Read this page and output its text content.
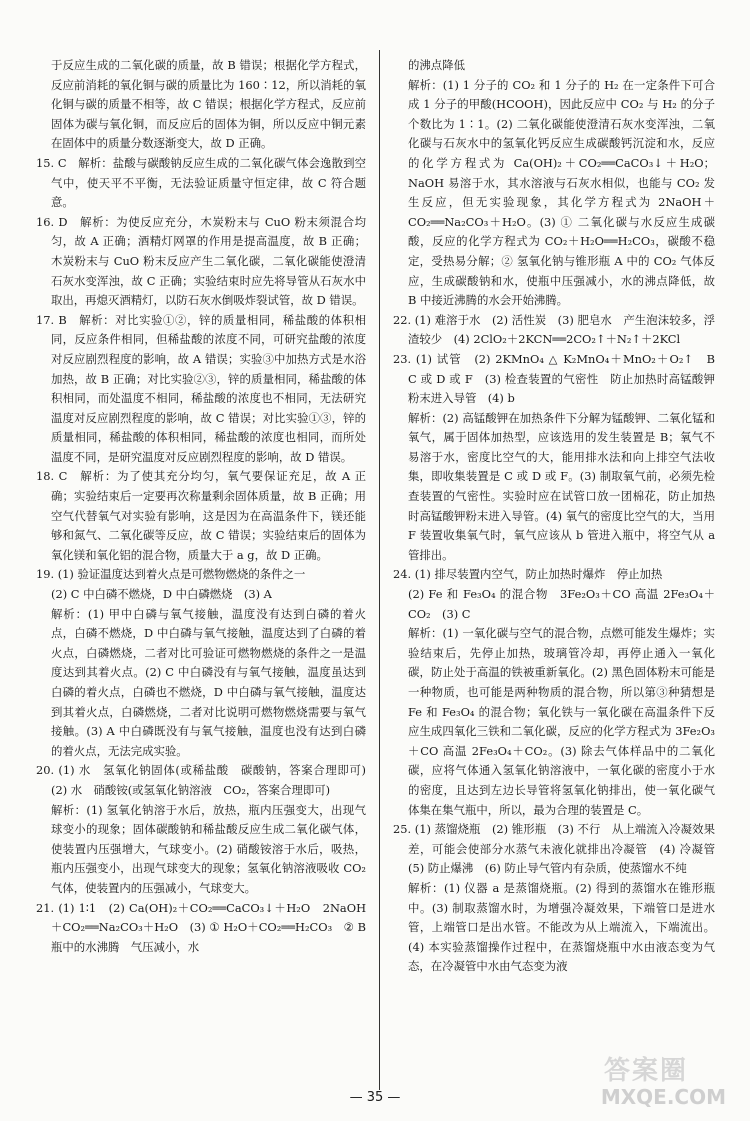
于反应生成的二氧化碳的质量，故 B 错误；根据化学方程式，反应前消耗的氧化铜与碳的质量比为 160∶12，所以消耗的氧化铜与碳的质量不相等，故 C 错误；根据化学方程式，反应前固体为碳与氧化铜，而反应后的固体为铜，所以反应中铜元素在固体中的质量分数逐渐变大，故 D 正确。

15. C　解析：盐酸与碳酸钠反应生成的二氧化碳气体会逸散到空气中，使天平不平衡，无法验证质量守恒定律，故 C 符合题意。

16. D　解析：为使反应充分，木炭粉末与 CuO 粉末须混合均匀，故 A 正确；酒精灯网罩的作用是提高温度，故 B 正确；木炭粉末与 CuO 粉末反应产生二氧化碳，二氧化碳能使澄清石灰水变浑浊，故 C 正确；实验结束时应先将导管从石灰水中取出，再熄灭酒精灯，以防石灰水倒吸炸裂试管，故 D 错误。

17. B　解析：对比实验①②，锌的质量相同，稀盐酸的体积相同，反应条件相同，但稀盐酸的浓度不同，可研究盐酸的浓度对反应剧烈程度的影响，故 A 错误；实验③中加热方式是水浴加热，故 B 正确；对比实验②③，锌的质量相同，稀盐酸的体积相同，而处温度不相同，稀盐酸的浓度也不相同，无法研究温度对反应剧烈程度的影响，故 C 错误；对比实验①③，锌的质量相同，稀盐酸的体积相同，稀盐酸的浓度也相同，而所处温度不同，是研究温度对反应剧烈程度的影响，故 D 错误。

18. C　解析：为了使其充分均匀，氧气要保证充足，故 A 正确；实验结束后一定要再次称量剩余固体质量，故 B 正确；用空气代替氧气对实验有影响，这是因为在高温条件下，镁还能够和氮气、二氧化碳等反应，故 C 错误；实验结束后的固体为氧化镁和氧化铝的混合物，质量大于 a g，故 D 正确。

19. (1) 验证温度达到着火点是可燃物燃烧的条件之一

(2) C 中白磷不燃烧，D 中白磷燃烧　(3) A

解析：(1) 甲中白磷与氧气接触，温度没有达到白磷的着火点，白磷不燃烧，D 中白磷与氧气接触，温度达到了白磷的着火点，白磷燃烧，二者对比可验证可燃物燃烧的条件之一是温度达到其着火点。(2) C 中白磷没有与氧气接触，温度虽达到白磷的着火点，白磷也不燃烧，D 中白磷与氧气接触，温度达到其着火点，白磷燃烧，二者对比说明可燃物燃烧需要与氧气接触。(3) A 中白磷既没有与氧气接触，温度也没有达到白磷的着火点，无法完成实验。

20. (1) 水　氢氧化钠固体(或稀盐酸　碳酸钠，答案合理即可)　(2) 水　硝酸铵(或氢氧化钠溶液　CO₂，答案合理即可)

解析：(1) 氢氧化钠溶于水后，放热，瓶内压强变大，出现气球变小的现象；固体碳酸钠和稀盐酸反应生成二氧化碳气体，使装置内压强增大，气球变小。(2) 硝酸铵溶于水后，吸热，瓶内压强变小，出现气球变大的现象；氢氧化钠溶液吸收 CO₂ 气体，使装置内的压强减小，气球变大。

21. (1) 1∶1　(2) Ca(OH)₂＋CO₂══CaCO₃↓＋H₂O　2NaOH＋CO₂══Na₂CO₃＋H₂O　(3) ① H₂O＋CO₂══H₂CO₃　② B 瓶中的水沸腾　气压减小，水

的沸点降低

解析：(1) 1 分子的 CO₂ 和 1 分子的 H₂ 在一定条件下可合成 1 分子的甲酸(HCOOH)，因此反应中 CO₂ 与 H₂ 的分子个数比为 1∶1。(2) 二氧化碳能使澄清石灰水变浑浊，二氧化碳与石灰水中的氢氧化钙反应生成碳酸钙沉淀和水，反应的化学方程式为 Ca(OH)₂＋CO₂══CaCO₃↓＋H₂O；NaOH 易溶于水，其水溶液与石灰水相似，也能与 CO₂ 发生反应，但无实验现象，其化学方程式为 2NaOH＋CO₂══Na₂CO₃＋H₂O。(3) ① 二氧化碳与水反应生成碳酸，反应的化学方程式为 CO₂＋H₂O══H₂CO₃，碳酸不稳定，受热易分解；② 氢氧化钠与锥形瓶 A 中的 CO₂ 气体反应，生成碳酸钠和水，使瓶中压强减小，水的沸点降低，故 B 中接近沸腾的水会开始沸腾。

22. (1) 难溶于水　(2) 活性炭　(3) 肥皂水　产生泡沫较多，浮渣较少　(4) 2ClO₂＋2KCN══2CO₂↑＋N₂↑＋2KCl

23. (1) 试管　(2) 2KMnO₄ △ K₂MnO₄＋MnO₂＋O₂↑　B　C 或 D 或 F　(3) 检查装置的气密性　防止加热时高锰酸钾粉末进入导管　(4) b

解析：(2) 高锰酸钾在加热条件下分解为锰酸钾、二氧化锰和氧气，属于固体加热型，应该选用的发生装置是 B；氧气不易溶于水，密度比空气的大，能用排水法和向上排空气法收集，即收集装置是 C 或 D 或 F。(3) 制取氧气前，必须先检查装置的气密性。实验时应在试管口放一团棉花，防止加热时高锰酸钾粉末进入导管。(4) 氧气的密度比空气的大，当用 F 装置收集氧气时，氧气应该从 b 管进入瓶中，将空气从 a 管排出。

24. (1) 排尽装置内空气，防止加热时爆炸　停止加热

(2) Fe 和 Fe₃O₄ 的混合物　3Fe₂O₃＋CO 高温 2Fe₃O₄＋CO₂　(3) C

解析：(1) 一氧化碳与空气的混合物，点燃可能发生爆炸；实验结束后，先停止加热，玻璃管冷却，再停止通入一氧化碳，防止处于高温的铁被重新氧化。(2) 黑色固体粉末可能是一种物质，也可能是两种物质的混合物，所以第③种猜想是 Fe 和 Fe₃O₄ 的混合物；氧化铁与一氧化碳在高温条件下反应生成四氧化三铁和二氧化碳，反应的化学方程式为 3Fe₂O₃＋CO 高温 2Fe₃O₄＋CO₂。(3) 除去气体样品中的二氧化碳，应将气体通入氢氧化钠溶液中，一氧化碳的密度小于水的密度，且达到左边长导管将氢氧化钠排出，使一氧化碳气体集在集气瓶中，所以，最为合理的装置是 C。

25. (1) 蒸馏烧瓶　(2) 锥形瓶　(3) 不行　从上端流入冷凝效果差，可能会使部分水蒸气未液化就排出冷凝管　(4) 冷凝管　(5) 防止爆沸　(6) 防止导气管内有杂质，使蒸馏水不纯

解析：(1) 仪器 a 是蒸馏烧瓶。(2) 得到的蒸馏水在锥形瓶中。(3) 制取蒸馏水时，为增强冷凝效果，下端管口是进水管，上端管口是出水管。不能改为从上端流入，下端流出。(4) 本实验蒸馏操作过程中，在蒸馏烧瓶中水由液态变为气态，在冷凝管中水由气态变为液

— 35 —
答案圈
MXQE.COM
